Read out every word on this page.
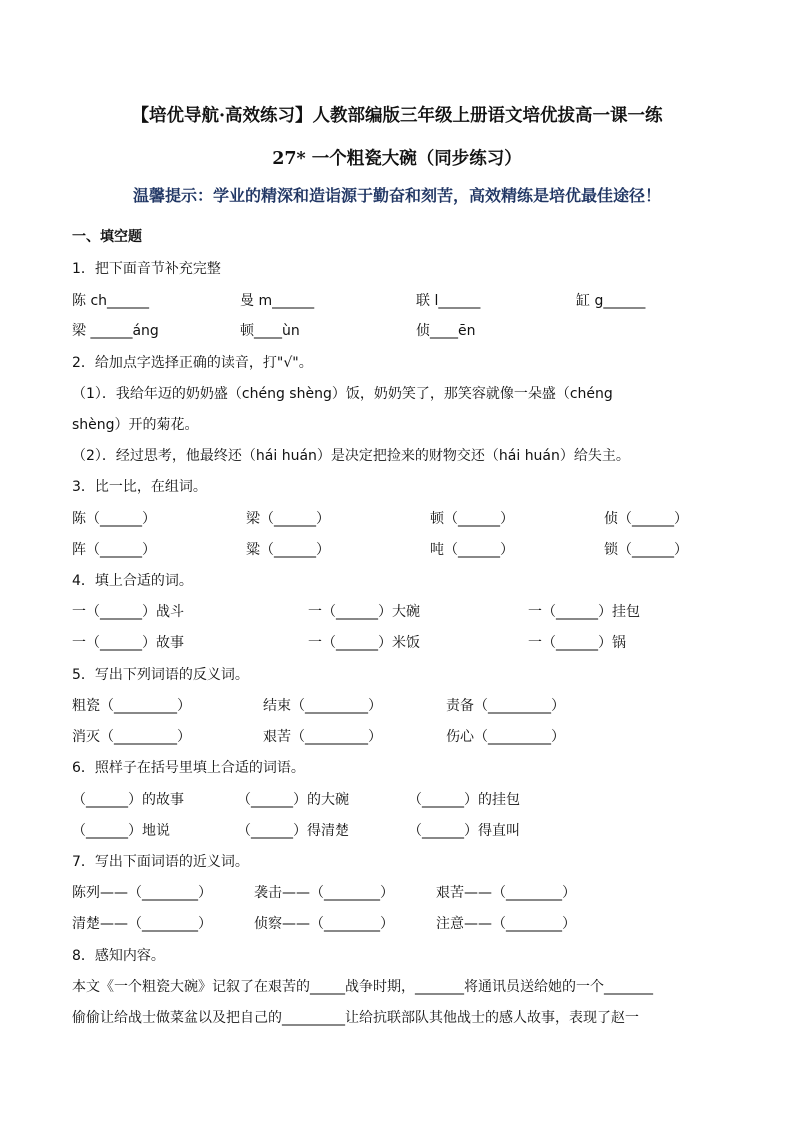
【培优导航·高效练习】人教部编版三年级上册语文培优拔高一课一练
27* 一个粗瓷大碗（同步练习）
温馨提示：学业的精深和造诣源于勤奋和刻苦，高效精练是培优最佳途径！
一、填空题
1．把下面音节补充完整
陈 ch______	曼 m______	联 l______	缸 g______
梁 ______áng	顿____ùn	侦____ēn
2．给加点字选择正确的读音，打"√"。
（1）．我给年迈的奶奶盛（chéng shèng）饭，奶奶笑了，那笑容就像一朵盛（chéng
shèng）开的菊花。
（2）．经过思考，他最终还（hái huán）是决定把捡来的财物交还（hái huán）给失主。
3．比一比，在组词。
陈（______）	梁（______）	顿（______）	侦（______）
阵（______）	粱（______）	吨（______）	锁（______）
4．填上合适的词。
一（______）战斗	一（______）大碗	一（______）挂包
一（______）故事	一（______）米饭	一（______）锅
5．写出下列词语的反义词。
粗瓷（_________）	结束（_________）	责备（_________）
消灭（_________）	艰苦（_________）	伤心（_________）
6．照样子在括号里填上合适的词语。
（______）的故事	（______）的大碗	（______）的挂包
（______）地说	（______）得清楚	（______）得直叫
7．写出下面词语的近义词。
陈列——（________）	袭击——（________）	艰苦——（________）
清楚——（________）	侦察——（________）	注意——（________）
8．感知内容。
本文《一个粗瓷大碗》记叙了在艰苦的_____战争时期，_______将通讯员送给她的一个_______
偷偷让给战士做菜盆以及把自己的_________让给抗联部队其他战士的感人故事，表现了赵一
